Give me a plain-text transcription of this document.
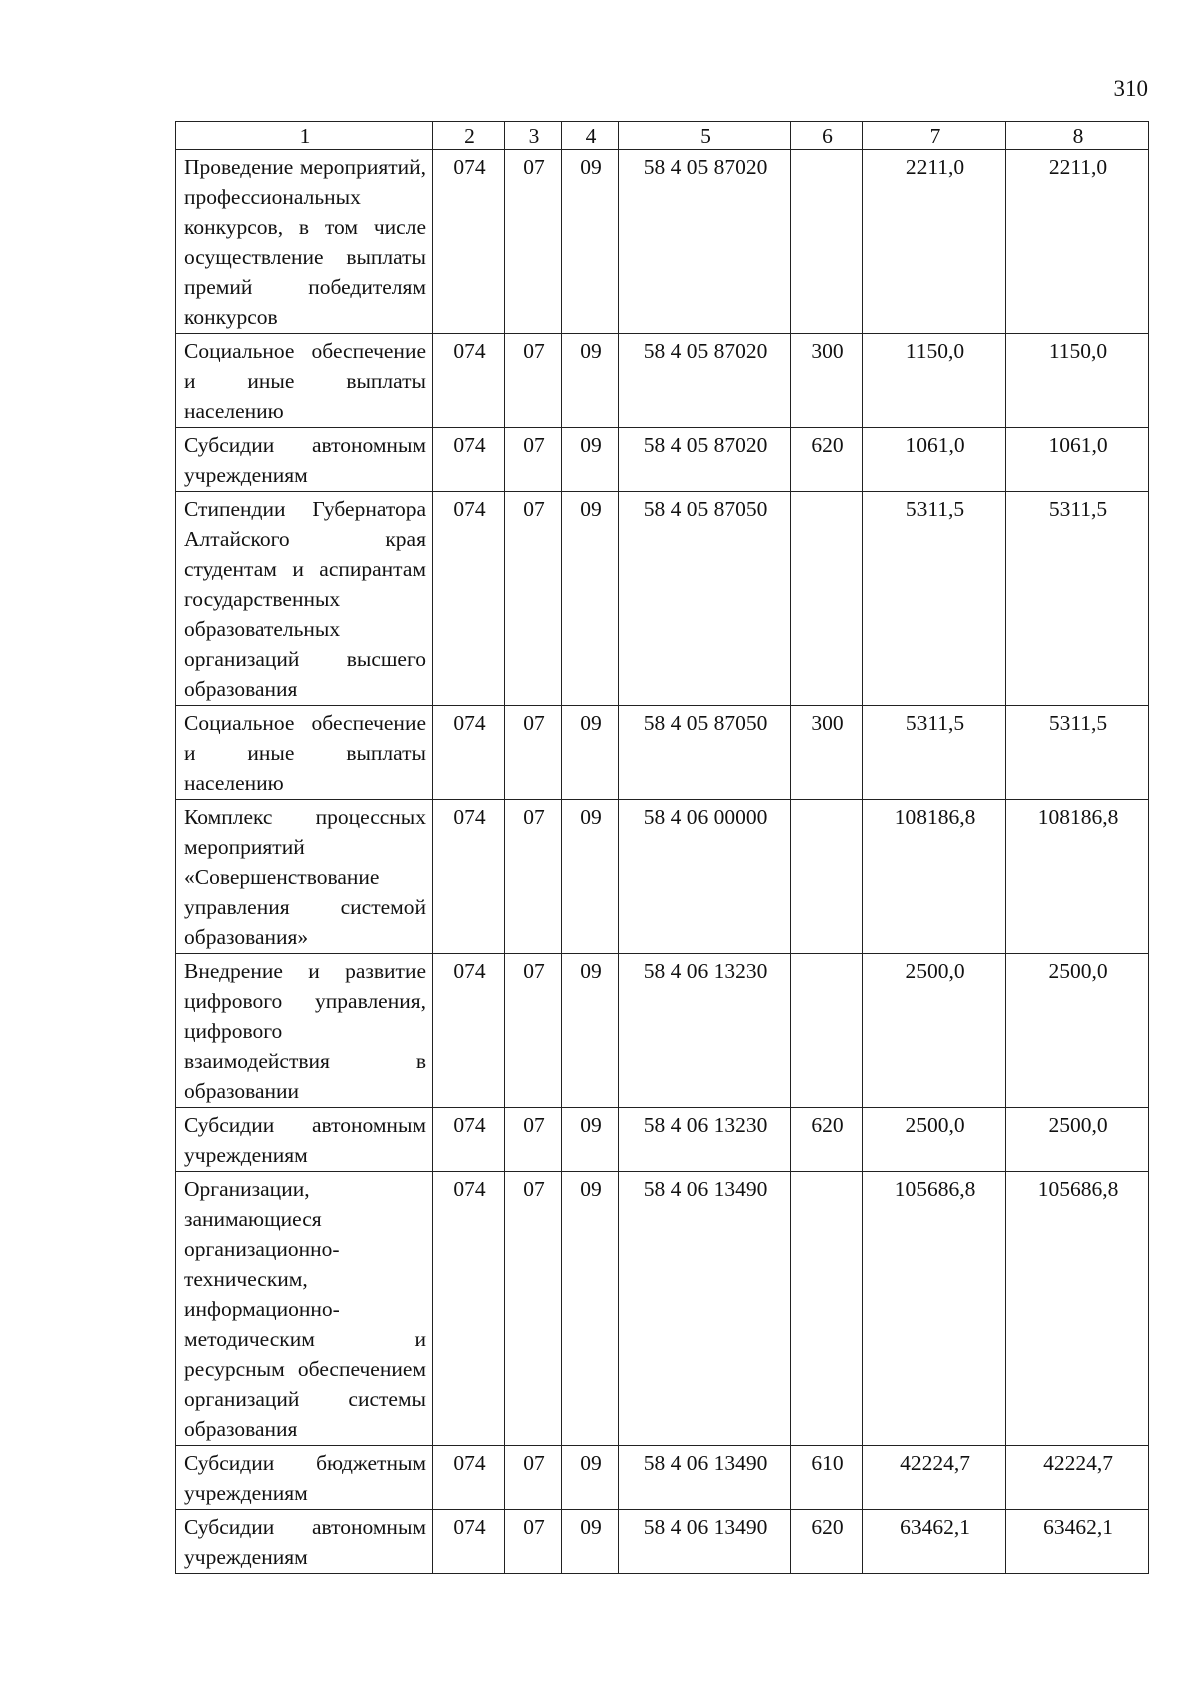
310
1	2	3	4	5	6	7	8
Проведение мероприятий, профессиональных конкурсов, в том числе осуществление выплаты премий победителям конкурсов	074	07	09	58 4 05 87020		2211,0	2211,0
Социальное обеспечение и иные выплаты населению	074	07	09	58 4 05 87020	300	1150,0	1150,0
Субсидии автономным учреждениям	074	07	09	58 4 05 87020	620	1061,0	1061,0
Стипендии Губернатора Алтайского края студентам и аспирантам государственных образовательных организаций высшего образования	074	07	09	58 4 05 87050		5311,5	5311,5
Социальное обеспечение и иные выплаты населению	074	07	09	58 4 05 87050	300	5311,5	5311,5
Комплекс процессных мероприятий «Совершенствование управления системой образования»	074	07	09	58 4 06 00000		108186,8	108186,8
Внедрение и развитие цифрового управления, цифрового взаимодействия в образовании	074	07	09	58 4 06 13230		2500,0	2500,0
Субсидии автономным учреждениям	074	07	09	58 4 06 13230	620	2500,0	2500,0
Организации, занимающиеся организационно-техническим, информационно-методическим и ресурсным обеспечением организаций системы образования	074	07	09	58 4 06 13490		105686,8	105686,8
Субсидии бюджетным учреждениям	074	07	09	58 4 06 13490	610	42224,7	42224,7
Субсидии автономным учреждениям	074	07	09	58 4 06 13490	620	63462,1	63462,1
